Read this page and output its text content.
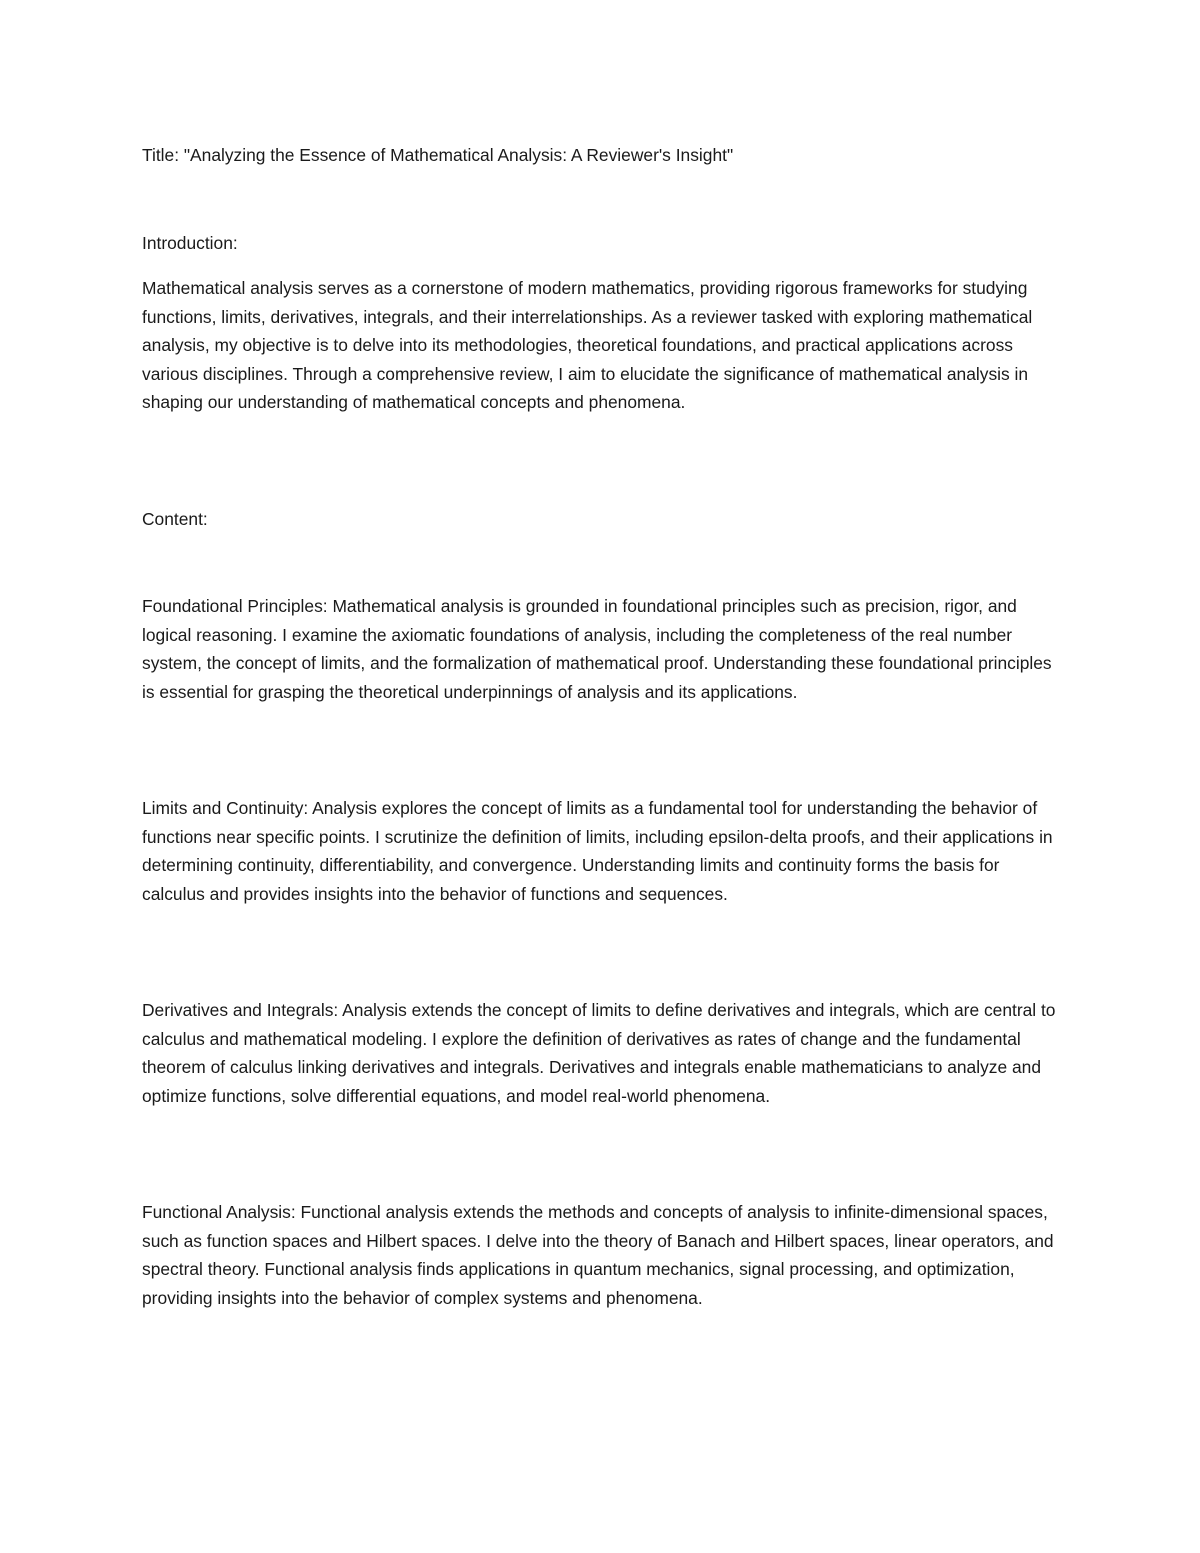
Title: "Analyzing the Essence of Mathematical Analysis: A Reviewer's Insight"

Introduction:

Mathematical analysis serves as a cornerstone of modern mathematics, providing rigorous frameworks for studying functions, limits, derivatives, integrals, and their interrelationships. As a reviewer tasked with exploring mathematical analysis, my objective is to delve into its methodologies, theoretical foundations, and practical applications across various disciplines. Through a comprehensive review, I aim to elucidate the significance of mathematical analysis in shaping our understanding of mathematical concepts and phenomena.

Content:

Foundational Principles: Mathematical analysis is grounded in foundational principles such as precision, rigor, and logical reasoning. I examine the axiomatic foundations of analysis, including the completeness of the real number system, the concept of limits, and the formalization of mathematical proof. Understanding these foundational principles is essential for grasping the theoretical underpinnings of analysis and its applications.

Limits and Continuity: Analysis explores the concept of limits as a fundamental tool for understanding the behavior of functions near specific points. I scrutinize the definition of limits, including epsilon-delta proofs, and their applications in determining continuity, differentiability, and convergence. Understanding limits and continuity forms the basis for calculus and provides insights into the behavior of functions and sequences.

Derivatives and Integrals: Analysis extends the concept of limits to define derivatives and integrals, which are central to calculus and mathematical modeling. I explore the definition of derivatives as rates of change and the fundamental theorem of calculus linking derivatives and integrals. Derivatives and integrals enable mathematicians to analyze and optimize functions, solve differential equations, and model real-world phenomena.

Functional Analysis: Functional analysis extends the methods and concepts of analysis to infinite-dimensional spaces, such as function spaces and Hilbert spaces. I delve into the theory of Banach and Hilbert spaces, linear operators, and spectral theory. Functional analysis finds applications in quantum mechanics, signal processing, and optimization, providing insights into the behavior of complex systems and phenomena.
